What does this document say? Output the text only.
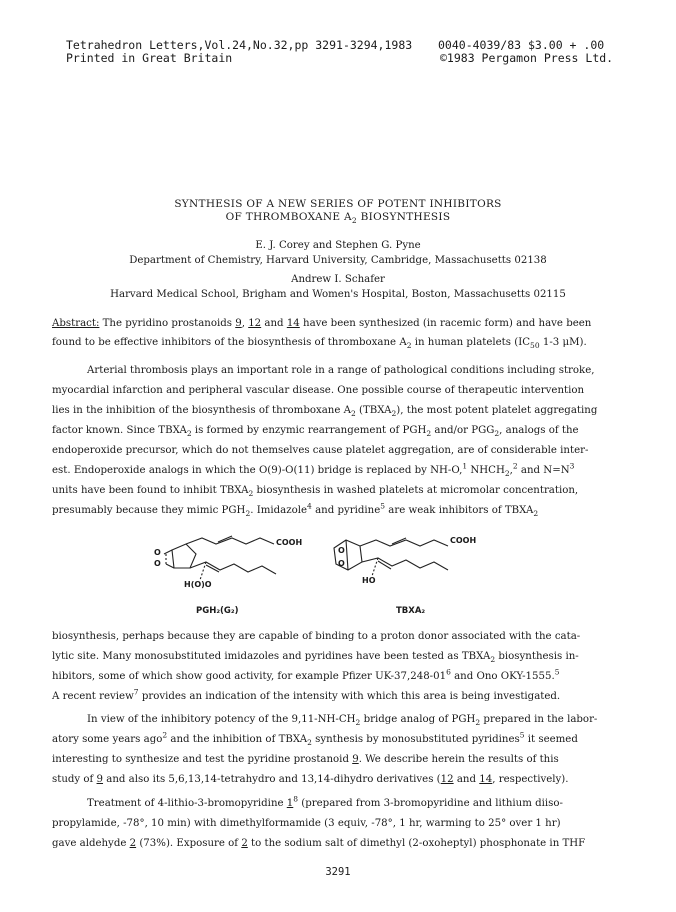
Tetrahedron Letters,Vol.24,No.32,pp 3291-3294,1983
Printed in Great Britain
0040-4039/83 $3.00 + .00
©1983 Pergamon Press Ltd.
SYNTHESIS OF A NEW SERIES OF POTENT INHIBITORS
OF THROMBOXANE $A_2$ BIOSYNTHESIS
E. J. Corey and Stephen G. Pyne
Department of Chemistry, Harvard University, Cambridge, Massachusetts 02138
Andrew I. Schafer
Harvard Medical School, Brigham and Women's Hospital, Boston, Massachusetts 02115
Abstract: The pyridino prostanoids 9, 12 and 14 have been synthesized (in racemic form) and have been
found to be effective inhibitors of the biosynthesis of thromboxane $A_2$ in human platelets ($IC_{50}$ 1-3 μM).
Arterial thrombosis plays an important role in a range of pathological conditions including stroke,
myocardial infarction and peripheral vascular disease. One possible course of therapeutic intervention
lies in the inhibition of the biosynthesis of thromboxane $A_2$ $(TBXA_2)$, the most potent platelet aggregating
factor known. Since $TBXA_2$ is formed by enzymic rearrangement of $PGH_2$ and/or $PGG_2$, analogs of the
endoperoxide precursor, which do not themselves cause platelet aggregation, are of considerable inter-
est. Endoperoxide analogs in which the O(9)-O(11) bridge is replaced by NH-O,$^1$ $NHCH_2,^2$ and $N=N^3$
units have been found to inhibit $TBXA_2$ biosynthesis in washed platelets at micromolar concentration,
presumably because they mimic $PGH_2$. Imidazole$^4$ and pyridine$^5$ are weak inhibitors of $TBXA_2$
O
O
COOH
H(O)O
O
O
COOH
HO
PGH₂(G₂)	TBXA₂
biosynthesis, perhaps because they are capable of binding to a proton donor associated with the cata-
lytic site. Many monosubstituted imidazoles and pyridines have been tested as $TBXA_2$ biosynthesis in-
hibitors, some of which show good activity, for example Pfizer $UK-37,248-01^6$ and Ono OKY-1555.$^5$
A recent review$^7$ provides an indication of the intensity with which this area is being investigated.
In view of the inhibitory potency of the $9,11-NH-CH_2$ bridge analog of $PGH_2$ prepared in the labor-
atory some years ago$^2$ and the inhibition of $TBXA_2$ synthesis by monosubstituted pyridines$^5$ it seemed
interesting to synthesize and test the pyridine prostanoid 9. We describe herein the results of this
study of 9 and also its 5,6,13,14-tetrahydro and 13,14-dihydro derivatives (12 and 14, respectively).
Treatment of 4-lithio-3-bromopyridine $1^8$ (prepared from 3-bromopyridine and lithium diiso-
propylamide, -78°, 10 min) with dimethylformamide (3 equiv, -78°, 1 hr, warming to 25° over 1 hr)
gave aldehyde 2 (73%). Exposure of 2 to the sodium salt of dimethyl (2-oxoheptyl) phosphonate in THF
3291
